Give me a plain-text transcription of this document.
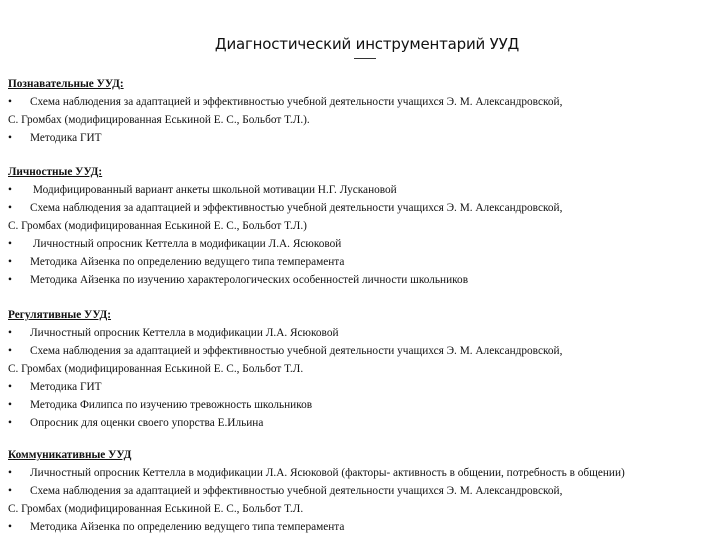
Диагностический инструментарий УУД
Познавательные УУД:
• Схема наблюдения за адаптацией и эффективностью учебной деятельности учащихся Э. М. Александровской,
С. Громбах (модифицированная Еськиной Е. С., Больбот Т.Л.).
• Методика ГИТ
Личностные УУД:
• Модифицированный вариант анкеты школьной мотивации Н.Г. Лускановой
• Схема наблюдения за адаптацией и эффективностью учебной деятельности учащихся Э. М. Александровской,
С. Громбах (модифицированная Еськиной Е. С., Больбот Т.Л.)
• Личностный опросник Кеттелла в модификации Л.А. Ясюковой
• Методика Айзенка по определению ведущего типа темперамента
• Методика Айзенка по изучению характерологических особенностей личности школьников
Регулятивные УУД:
• Личностный опросник Кеттелла в модификации Л.А. Ясюковой
• Схема наблюдения за адаптацией и эффективностью учебной деятельности учащихся Э. М. Александровской,
С. Громбах (модифицированная Еськиной Е. С., Больбот Т.Л.
• Методика ГИТ
• Методика Филипса по изучению тревожность школьников
• Опросник для оценки своего упорства Е.Ильина
Коммуникативные УУД
• Личностный опросник Кеттелла в модификации Л.А. Ясюковой (факторы- активность в общении, потребность в общении)
• Схема наблюдения за адаптацией и эффективностью учебной деятельности учащихся Э. М. Александровской,
С. Громбах (модифицированная Еськиной Е. С., Больбот Т.Л.
• Методика Айзенка по определению ведущего типа темперамента
